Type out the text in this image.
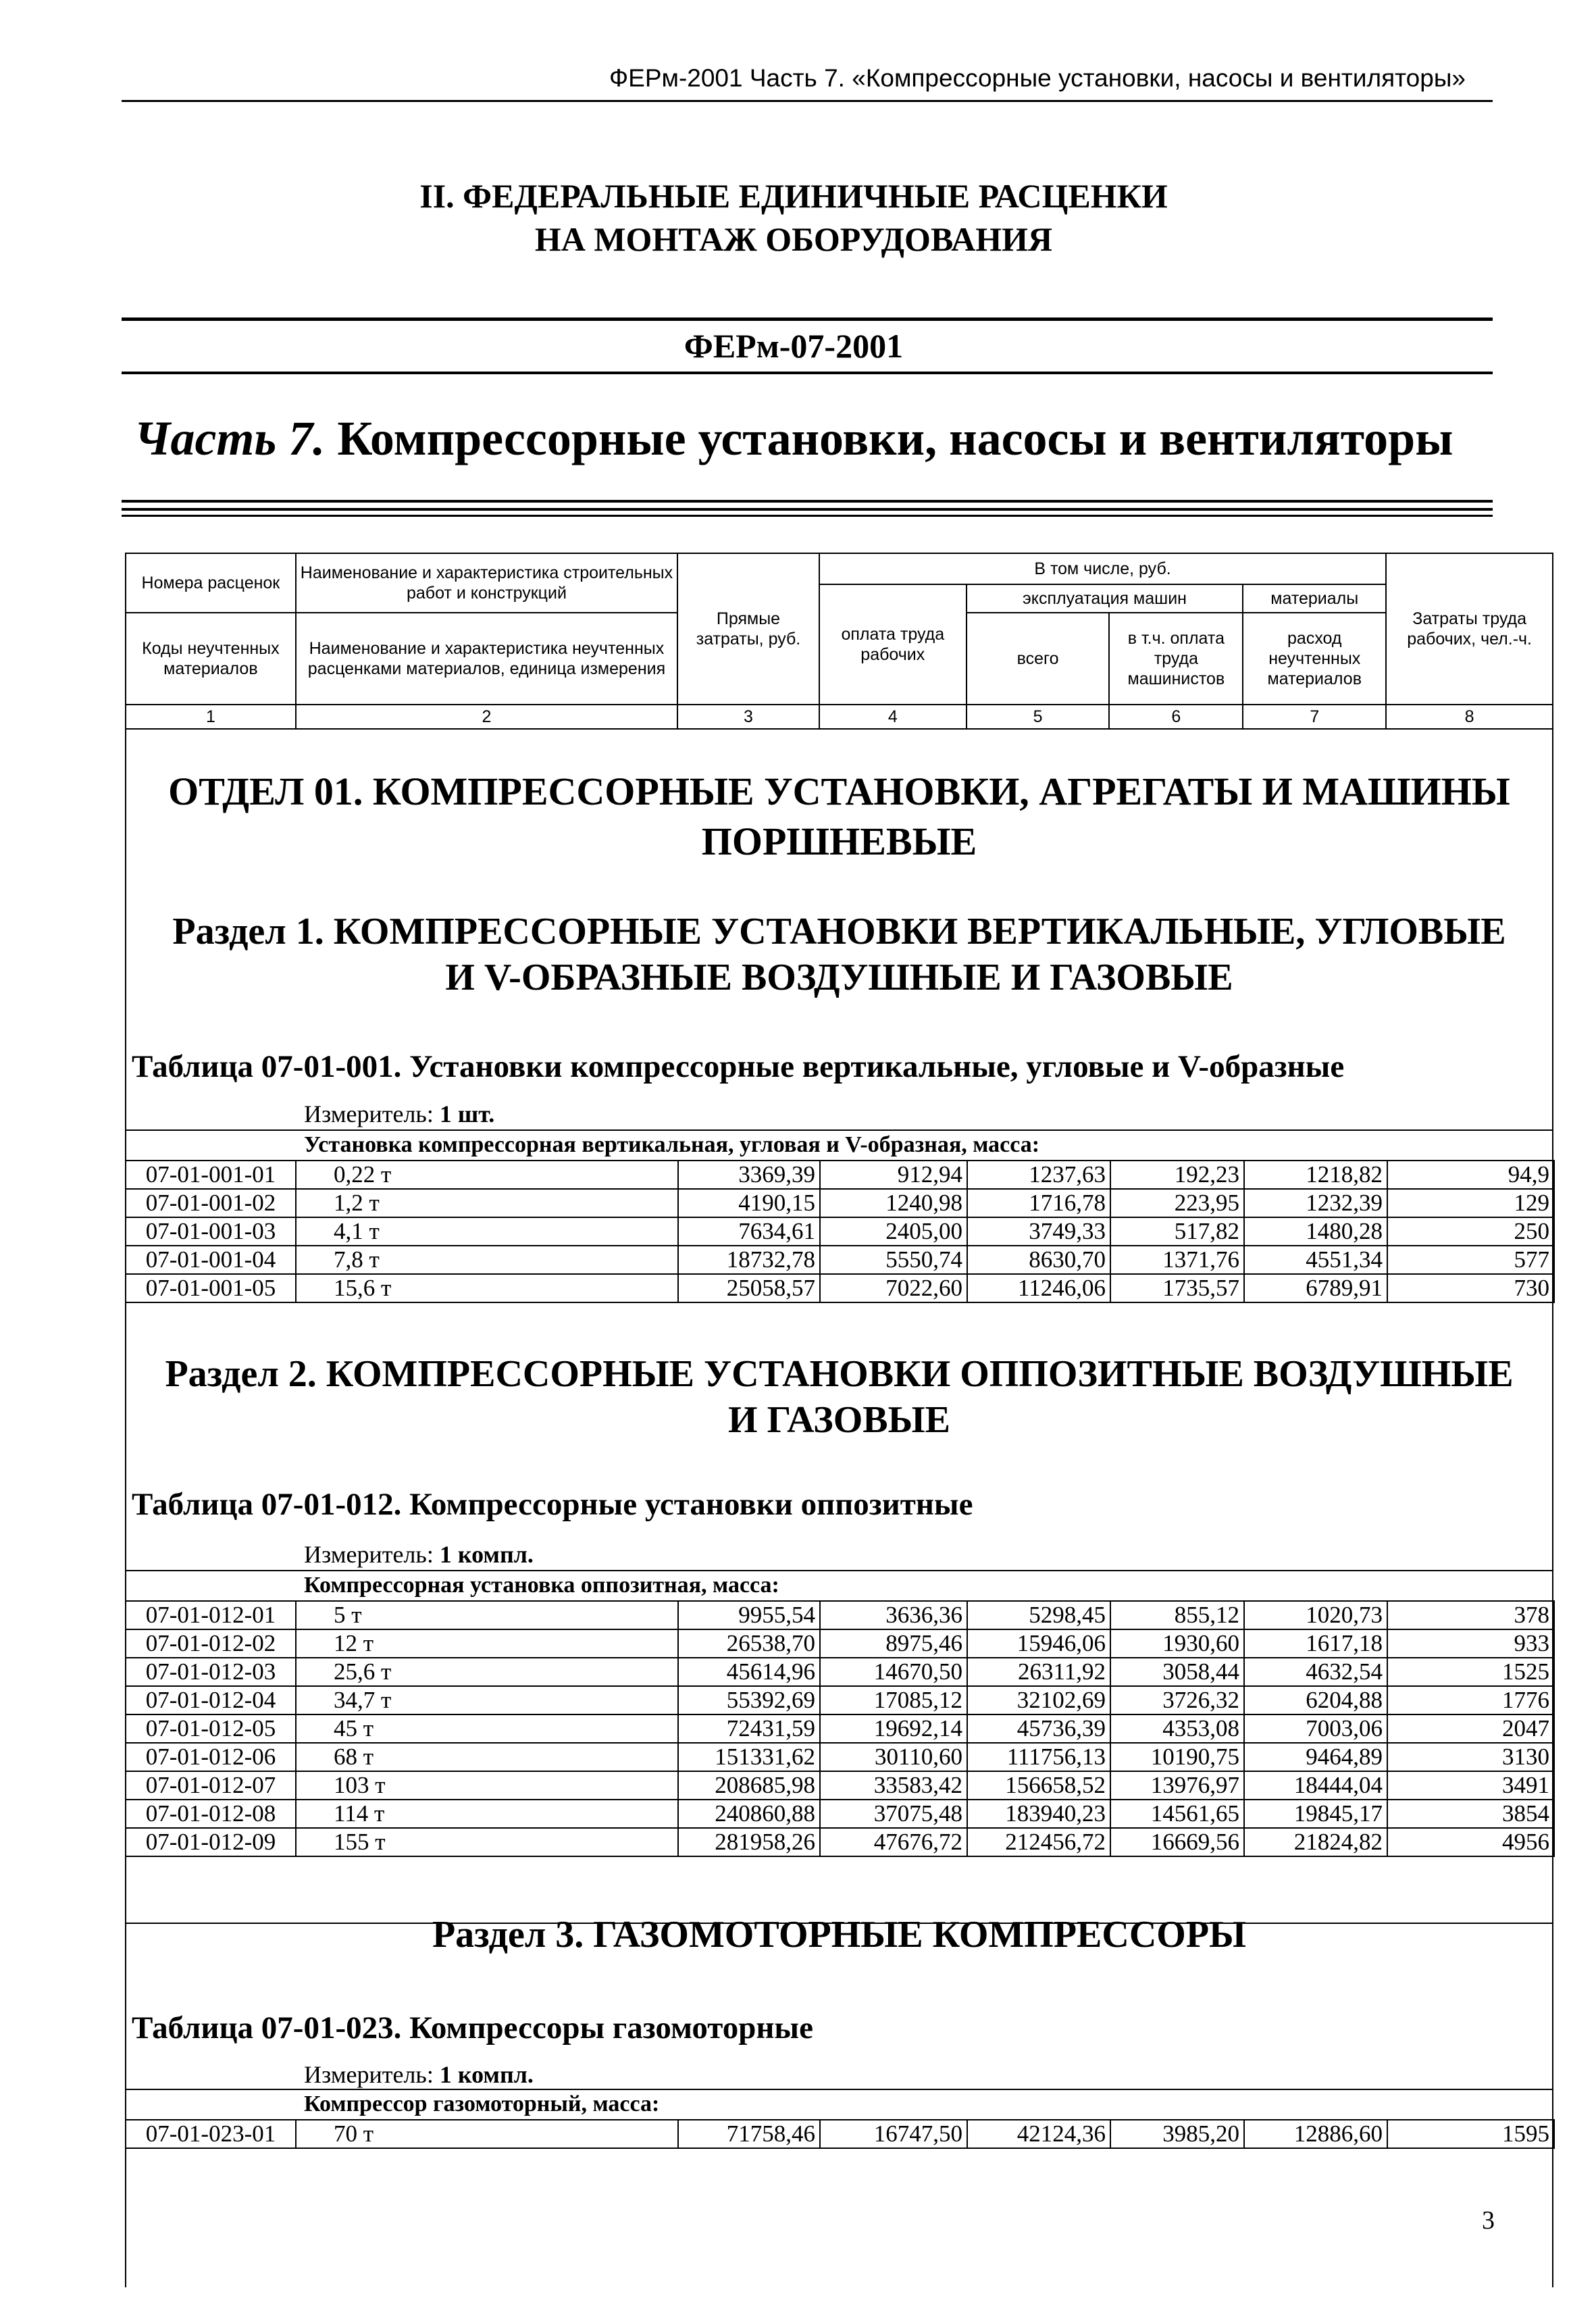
ФЕРм-2001 Часть 7. «Компрессорные установки, насосы и вентиляторы»
II. ФЕДЕРАЛЬНЫЕ ЕДИНИЧНЫЕ РАСЦЕНКИ
НА МОНТАЖ ОБОРУДОВАНИЯ
ФЕРм-07-2001
Часть 7. Компрессорные установки, насосы и вентиляторы
Номера расценок	Наименование и характеристика строительных работ и конструкций	Прямые затраты, руб.	В том числе, руб.				Затраты труда рабочих, чел.-ч.
			оплата труда рабочих	эксплуатация машин		материалы	
Коды неучтенных материалов	Наименование и характеристика неучтенных расценками материалов, единица измерения			всего	в т.ч. оплата труда машинистов	расход неучтенных материалов	

1	2	3	4	5	6	7	8
ОТДЕЛ 01. КОМПРЕССОРНЫЕ УСТАНОВКИ, АГРЕГАТЫ И МАШИНЫ
ПОРШНЕВЫЕ
Раздел 1. КОМПРЕССОРНЫЕ УСТАНОВКИ ВЕРТИКАЛЬНЫЕ, УГЛОВЫЕ
И V-ОБРАЗНЫЕ ВОЗДУШНЫЕ И ГАЗОВЫЕ
Таблица 07-01-001. Установки компрессорные вертикальные, угловые и V-образные
Измеритель: 1 шт.
Установка компрессорная вертикальная, угловая и V-образная, масса:
07-01-001-01	0,22 т	3369,39	912,94	1237,63	192,23	1218,82	94,9
07-01-001-02	1,2 т	4190,15	1240,98	1716,78	223,95	1232,39	129
07-01-001-03	4,1 т	7634,61	2405,00	3749,33	517,82	1480,28	250
07-01-001-04	7,8 т	18732,78	5550,74	8630,70	1371,76	4551,34	577
07-01-001-05	15,6 т	25058,57	7022,60	11246,06	1735,57	6789,91	730
Раздел 2. КОМПРЕССОРНЫЕ УСТАНОВКИ ОППОЗИТНЫЕ ВОЗДУШНЫЕ
И ГАЗОВЫЕ
Таблица 07-01-012. Компрессорные установки оппозитные
Измеритель: 1 компл.
Компрессорная установка оппозитная, масса:
07-01-012-01	5 т	9955,54	3636,36	5298,45	855,12	1020,73	378
07-01-012-02	12 т	26538,70	8975,46	15946,06	1930,60	1617,18	933
07-01-012-03	25,6 т	45614,96	14670,50	26311,92	3058,44	4632,54	1525
07-01-012-04	34,7 т	55392,69	17085,12	32102,69	3726,32	6204,88	1776
07-01-012-05	45 т	72431,59	19692,14	45736,39	4353,08	7003,06	2047
07-01-012-06	68 т	151331,62	30110,60	111756,13	10190,75	9464,89	3130
07-01-012-07	103 т	208685,98	33583,42	156658,52	13976,97	18444,04	3491
07-01-012-08	114 т	240860,88	37075,48	183940,23	14561,65	19845,17	3854
07-01-012-09	155 т	281958,26	47676,72	212456,72	16669,56	21824,82	4956
Раздел 3. ГАЗОМОТОРНЫЕ КОМПРЕССОРЫ
Таблица 07-01-023. Компрессоры газомоторные
Измеритель: 1 компл.
Компрессор газомоторный, масса:
07-01-023-01	70 т	71758,46	16747,50	42124,36	3985,20	12886,60	1595
3
